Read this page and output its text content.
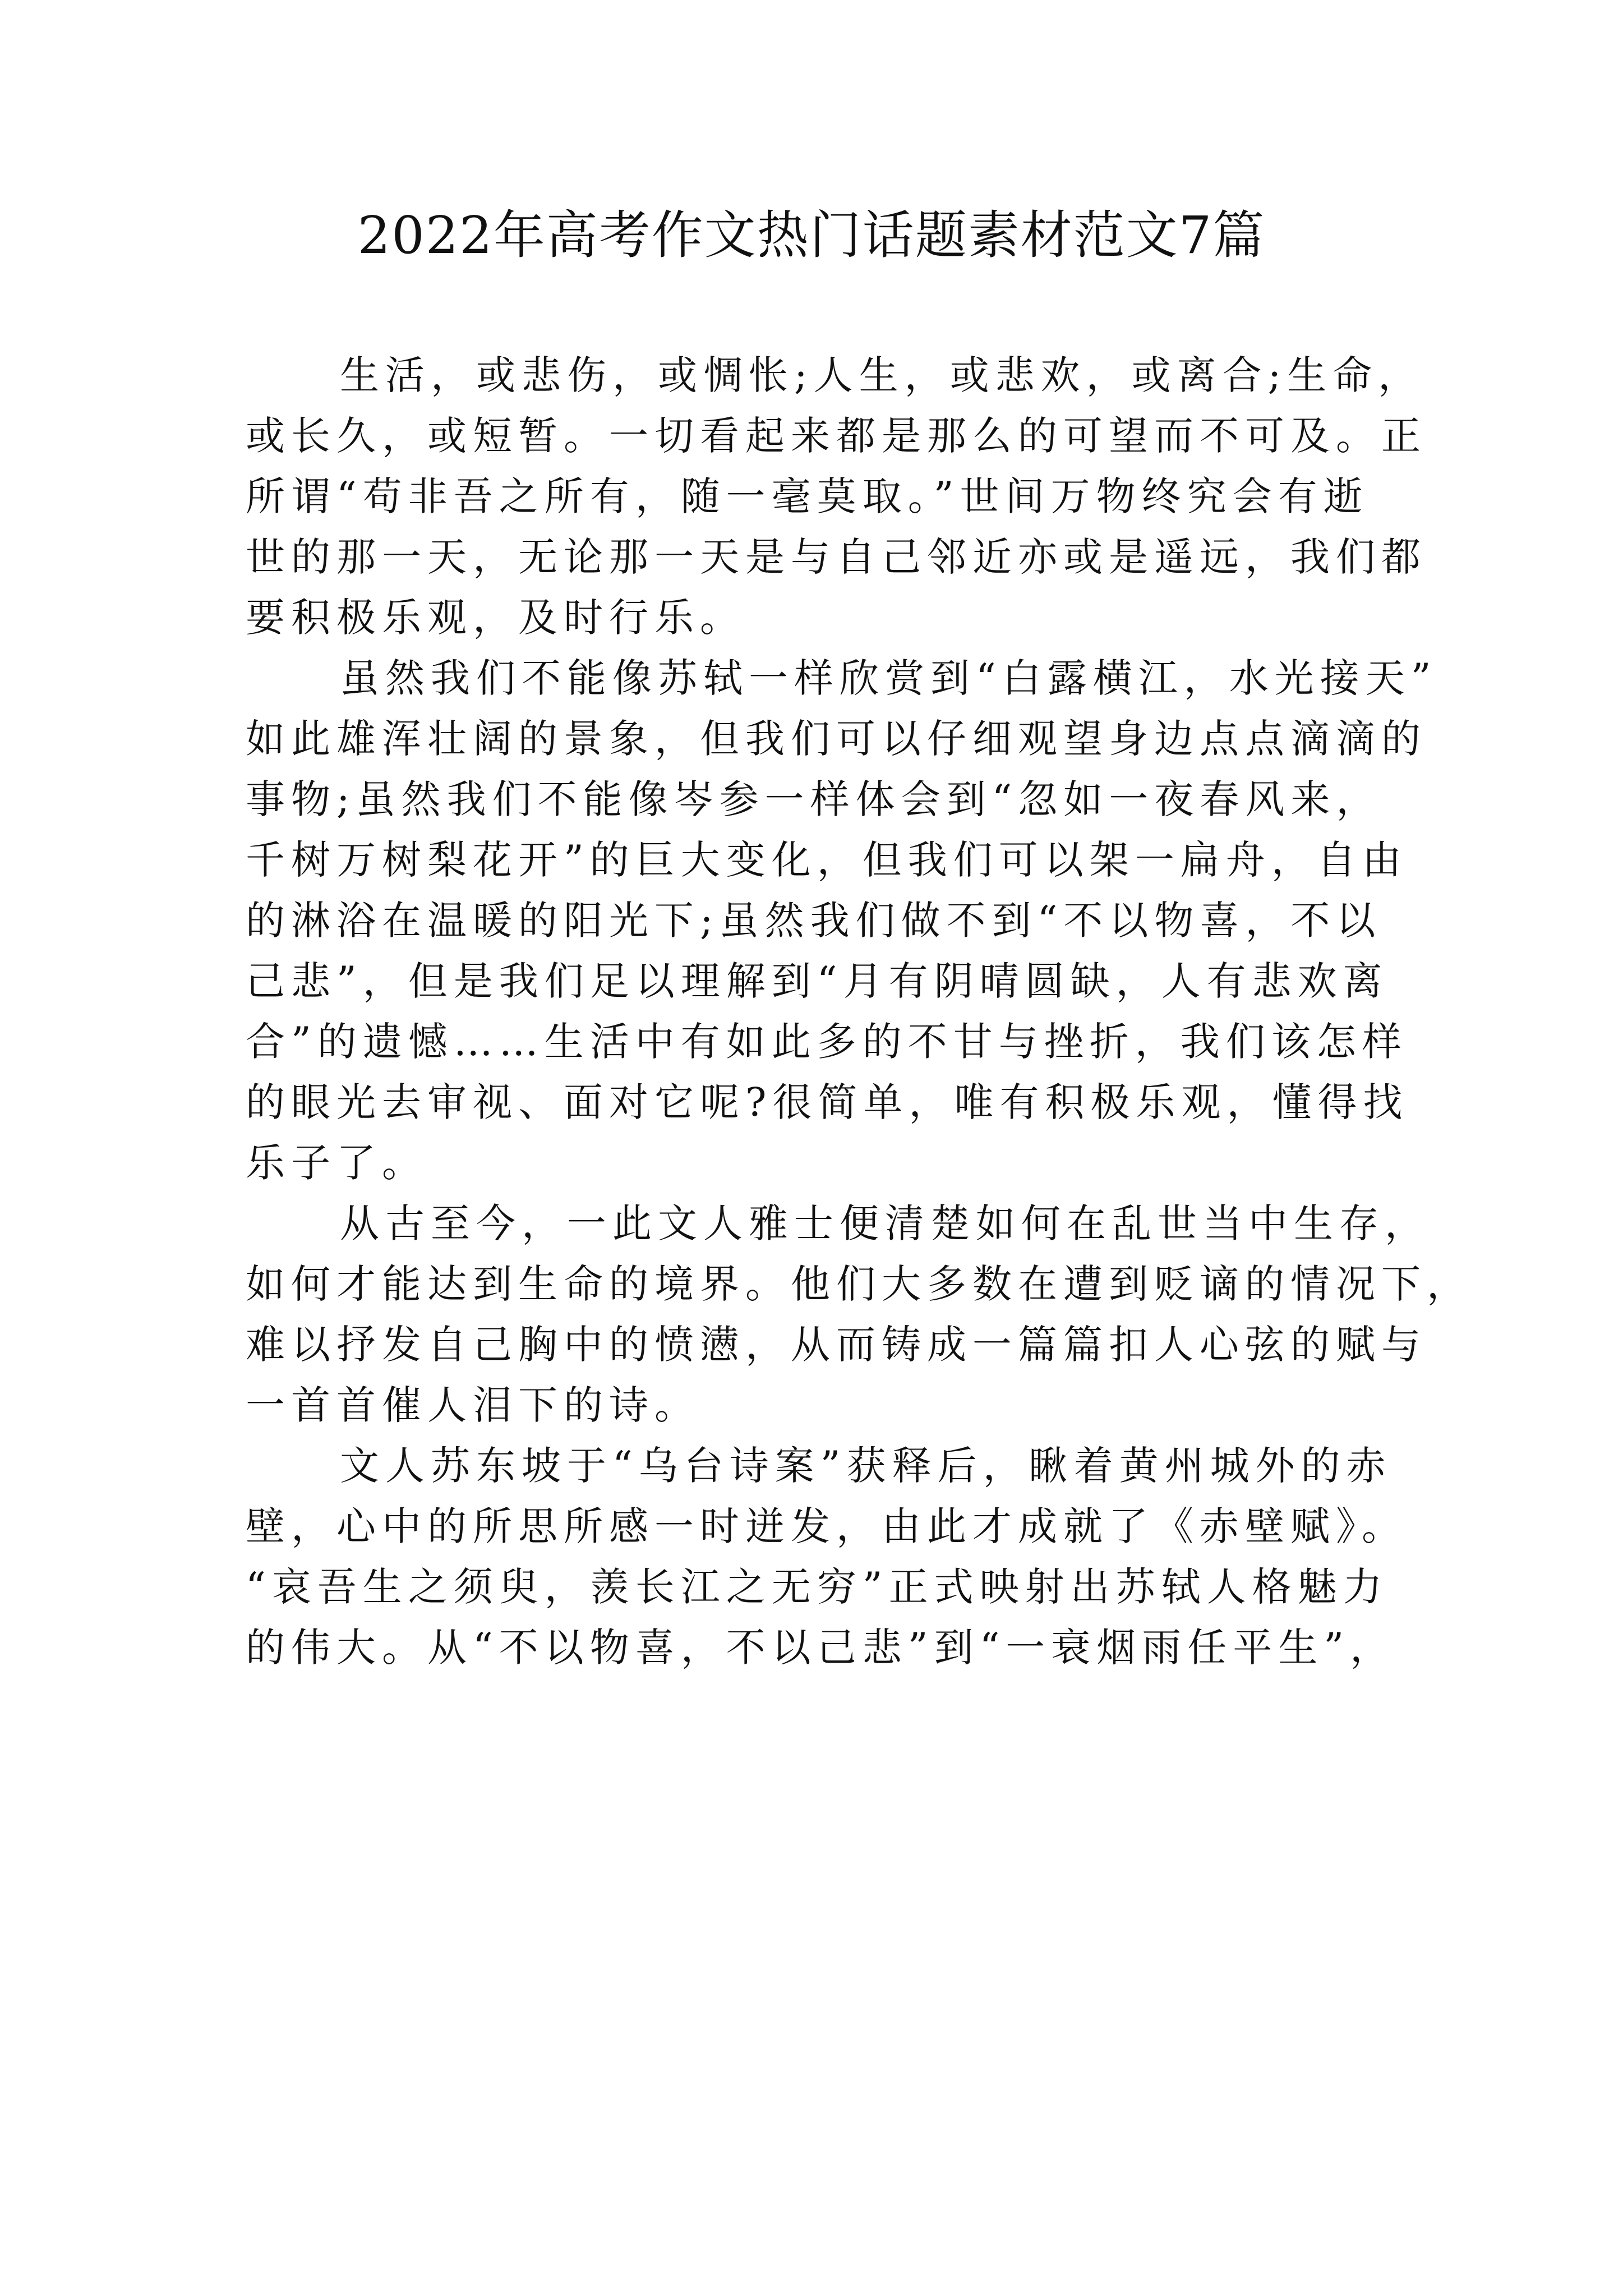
2022年高考作文热门话题素材范文7篇

生活，或悲伤，或惆怅;人生，或悲欢，或离合;生命，
或长久，或短暂。一切看起来都是那么的可望而不可及。正
所谓“苟非吾之所有，随一毫莫取。”世间万物终究会有逝
世的那一天，无论那一天是与自己邻近亦或是遥远，我们都
要积极乐观，及时行乐。

虽然我们不能像苏轼一样欣赏到“白露横江，水光接天”
如此雄浑壮阔的景象，但我们可以仔细观望身边点点滴滴的
事物;虽然我们不能像岑参一样体会到“忽如一夜春风来，
千树万树梨花开”的巨大变化，但我们可以架一扁舟，自由
的淋浴在温暖的阳光下;虽然我们做不到“不以物喜，不以
己悲”，但是我们足以理解到“月有阴晴圆缺，人有悲欢离
合”的遗憾……生活中有如此多的不甘与挫折，我们该怎样
的眼光去审视、面对它呢?很简单，唯有积极乐观，懂得找
乐子了。

从古至今，一此文人雅士便清楚如何在乱世当中生存，
如何才能达到生命的境界。他们大多数在遭到贬谪的情况下，
难以抒发自己胸中的愤懑，从而铸成一篇篇扣人心弦的赋与
一首首催人泪下的诗。

文人苏东坡于“乌台诗案”获释后，瞅着黄州城外的赤
壁，心中的所思所感一时迸发，由此才成就了《赤壁赋》。
“哀吾生之须臾，羡长江之无穷”正式映射出苏轼人格魅力
的伟大。从“不以物喜，不以己悲”到“一衰烟雨任平生”，
